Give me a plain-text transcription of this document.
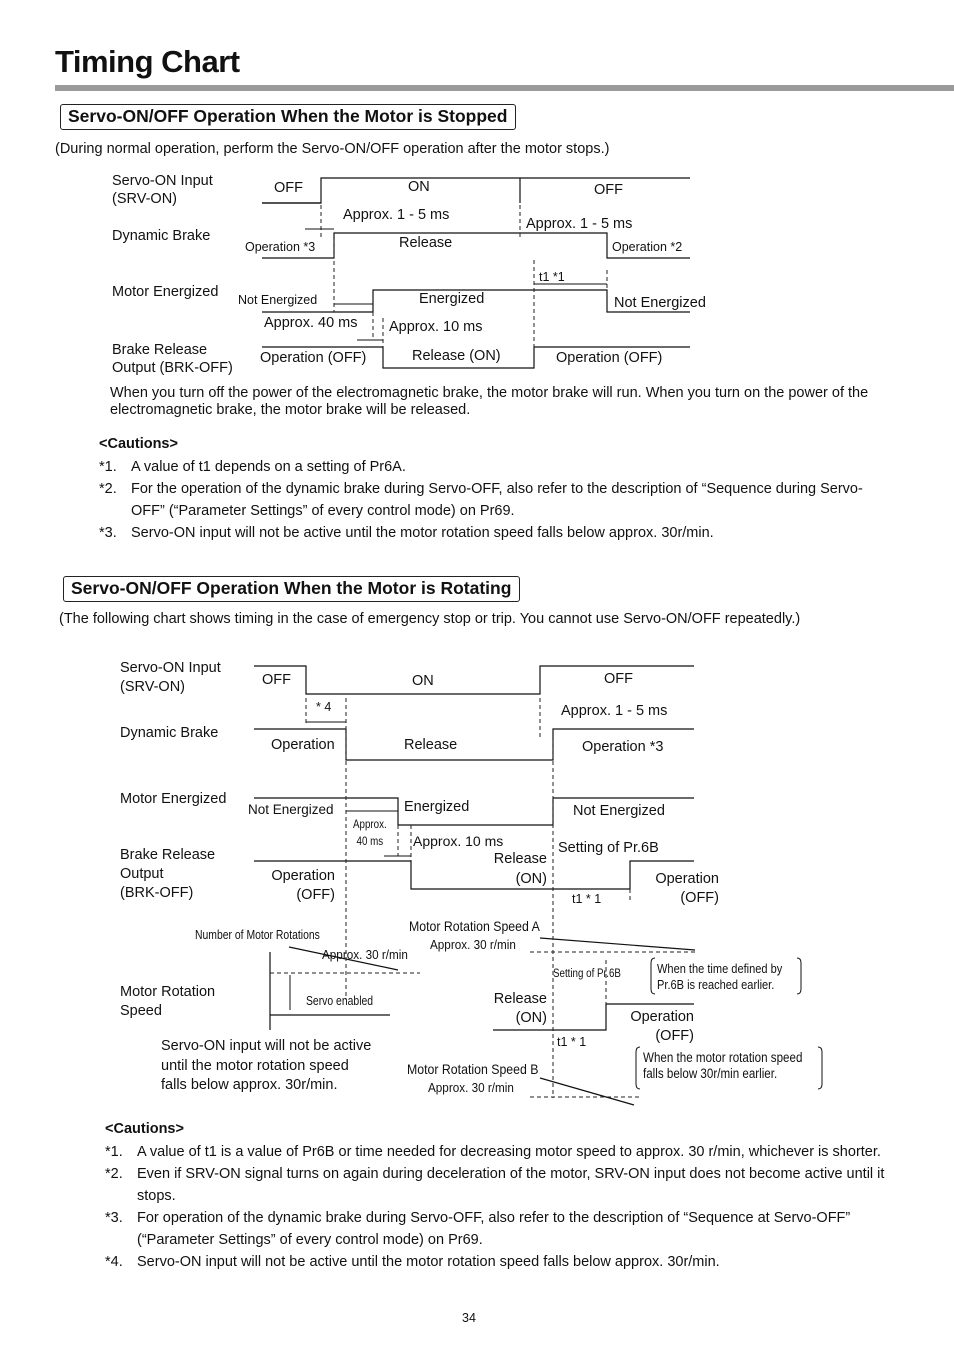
Timing Chart
Servo-ON/OFF Operation When the Motor is Stopped
(During normal operation, perform the Servo-ON/OFF operation after the motor stops.)
Servo-ON Input
(SRV-ON)
Dynamic Brake
Motor Energized
Brake Release
Output (BRK-OFF)
OFF	ON	OFF
Approx. 1 - 5 ms
Approx. 1 - 5 ms
Operation *3	Release	Operation *2
t1 *1
Not Energized	Energized	Not Energized
Approx. 40 ms Approx. 10 ms
Operation (OFF)	Release (ON)	Operation (OFF)
When you turn off the power of the electromagnetic brake, the motor brake will run. When you turn on the power of the electromagnetic brake, the motor brake will be released.
<Cautions>
*1. A value of t1 depends on a setting of Pr6A.
*2. For the operation of the dynamic brake during Servo-OFF, also refer to the description of “Sequence during Servo-OFF” (“Parameter Settings” of every control mode) on Pr69.
*3. Servo-ON input will not be active until the motor rotation speed falls below approx. 30r/min.
Servo-ON/OFF Operation When the Motor is Rotating
(The following chart shows timing in the case of emergency stop or trip. You cannot use Servo-ON/OFF repeatedly.)
Servo-ON Input
(SRV-ON)
Dynamic Brake
Motor Energized
Brake Release
Output
(BRK-OFF)
Motor Rotation
Speed
OFF	ON	OFF
* 4	Approx. 1 - 5 ms
Operation	Release	Operation *3
Not Energized	Energized	Not Energized
Approx.
40 ms Approx. 10 ms
Release
(ON)
Setting of Pr.6B
Operation
(OFF)
Operation
(OFF)
t1 * 1
Number of Motor Rotations
Approx. 30 r/min
Servo enabled
Motor Rotation Speed A
Approx. 30 r/min
Setting of Pr.6B	When the time defined by
Pr.6B is reached earlier.
Release
(ON)	Operation
(OFF)
t1 * 1
When the motor rotation speed
falls below 30r/min earlier.
Motor Rotation Speed B
Approx. 30 r/min
Servo-ON input will not be active
until the motor rotation speed
falls below approx. 30r/min.
<Cautions>
*1. A value of t1 is a value of Pr6B or time needed for decreasing motor speed to approx. 30 r/min, whichever is shorter.
*2. Even if SRV-ON signal turns on again during deceleration of the motor, SRV-ON input does not become active until it stops.
*3. For operation of the dynamic brake during Servo-OFF, also refer to the description of “Sequence at Servo-OFF” (“Parameter Settings” of every control mode) on Pr69.
*4. Servo-ON input will not be active until the motor rotation speed falls below approx. 30r/min.
34
